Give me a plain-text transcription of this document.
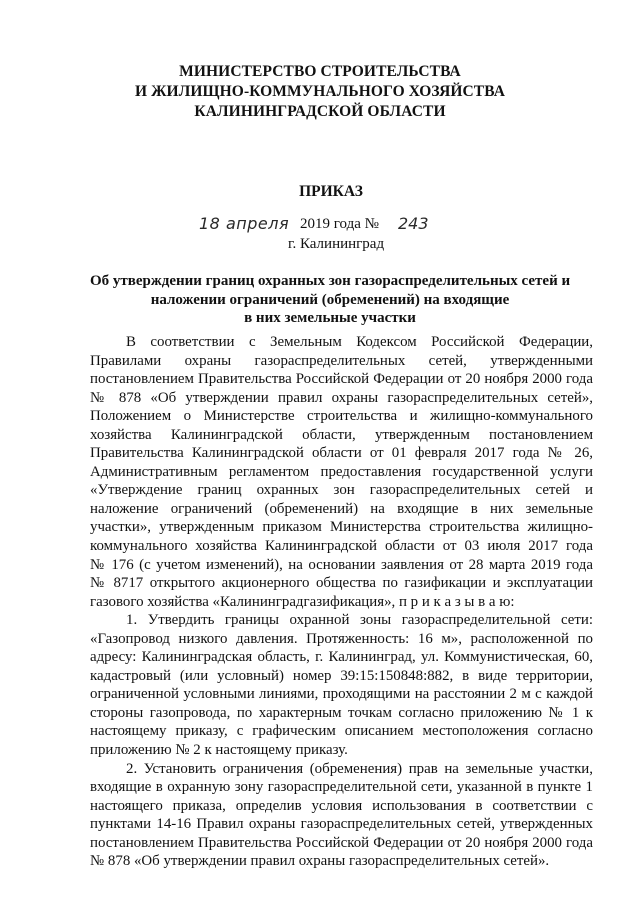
МИНИСТЕРСТВО СТРОИТЕЛЬСТВА
И ЖИЛИЩНО-КОММУНАЛЬНОГО ХОЗЯЙСТВА
КАЛИНИНГРАДСКОЙ ОБЛАСТИ
ПРИКАЗ
18 апреля 2019 года № 243
г. Калининград
Об утверждении границ охранных зон газораспределительных сетей и
наложении ограничений (обременений) на входящие
в них земельные участки
В соответствии с Земельным Кодексом Российской Федерации,
Правилами охраны газораспределительных сетей, утвержденными
постановлением Правительства Российской Федерации от 20 ноября 2000 года
№ 878 «Об утверждении правил охраны газораспределительных сетей»,
Положением о Министерстве строительства и жилищно-коммунального
хозяйства Калининградской области, утвержденным постановлением
Правительства Калининградской области от 01 февраля 2017 года № 26,
Административным регламентом предоставления государственной услуги
«Утверждение границ охранных зон газораспределительных сетей и
наложение ограничений (обременений) на входящие в них земельные
участки», утвержденным приказом Министерства строительства жилищно-
коммунального хозяйства Калининградской области от 03 июля 2017 года
№ 176 (с учетом изменений), на основании заявления от 28 марта 2019 года
№ 8717 открытого акционерного общества по газификации и эксплуатации
газового хозяйства «Калининградгазификация», п р и к а з ы в а ю:
1. Утвердить границы охранной зоны газораспределительной сети:
«Газопровод низкого давления. Протяженность: 16 м», расположенной по
адресу: Калининградская область, г. Калининград, ул. Коммунистическая, 60,
кадастровый (или условный) номер 39:15:150848:882, в виде территории,
ограниченной условными линиями, проходящими на расстоянии 2 м с каждой
стороны газопровода, по характерным точкам согласно приложению № 1 к
настоящему приказу, с графическим описанием местоположения согласно
приложению № 2 к настоящему приказу.
2. Установить ограничения (обременения) прав на земельные участки,
входящие в охранную зону газораспределительной сети, указанной в пункте 1
настоящего приказа, определив условия использования в соответствии с
пунктами 14-16 Правил охраны газораспределительных сетей, утвержденных
постановлением Правительства Российской Федерации от 20 ноября 2000 года
№ 878 «Об утверждении правил охраны газораспределительных сетей».
